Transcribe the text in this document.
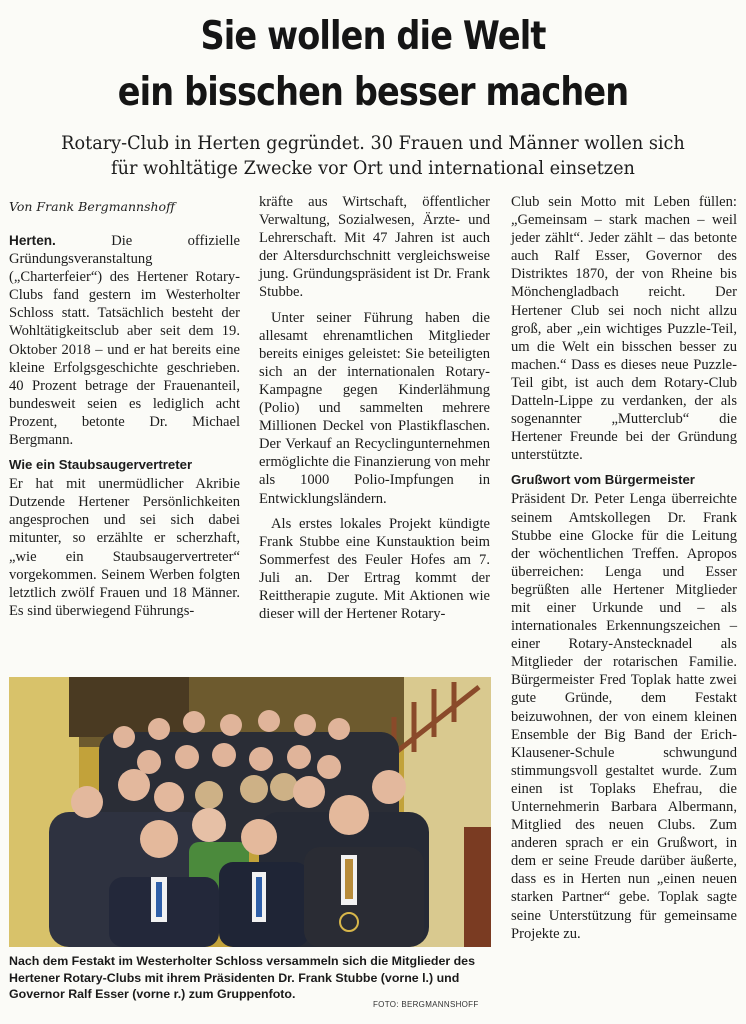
Sie wollen die Welt
ein bisschen besser machen
Rotary-Club in Herten gegründet. 30 Frauen und Männer wollen sich
für wohltätige Zwecke vor Ort und international einsetzen
Von Frank Bergmannshoff

Herten.	Die offizielle Gründungsveranstaltung („Charterfeier“) des Hertener Rotary-Clubs fand gestern im Westerholter Schloss statt. Tatsächlich besteht der Wohltätigkeitsclub aber seit dem 19. Oktober 2018 – und er hat bereits eine kleine Erfolgsgeschichte geschrieben. 40 Prozent betrage der Frauenanteil, bundesweit seien es lediglich acht Prozent, betonte Dr. Michael Bergmann.

Wie ein Staubsaugervertreter

Er hat mit unermüdlicher Akribie Dutzende Hertener Persönlichkeiten angesprochen und sei sich dabei mitunter, so erzählte er scherzhaft, „wie ein Staubsaugervertreter“ vorgekommen. Seinem Werben folgten letztlich zwölf Frauen und 18 Männer. Es sind überwiegend Führungs-

kräfte aus Wirtschaft, öffentlicher Verwaltung, Sozialwesen, Ärzte- und Lehrerschaft. Mit 47 Jahren ist auch der Altersdurchschnitt vergleichsweise jung. Gründungspräsident ist Dr. Frank Stubbe.

Unter seiner Führung haben die allesamt ehrenamtlichen Mitglieder bereits einiges geleistet: Sie beteiligten sich an der internationalen Rotary-Kampagne gegen Kinderlähmung (Polio) und sammelten mehrere Millionen Deckel von Plastikflaschen. Der Verkauf an Recyclingunternehmen ermöglichte die Finanzierung von mehr als 1000 Polio-Impfungen in Entwicklungsländern.

Als erstes lokales Projekt kündigte Frank Stubbe eine Kunstauktion beim Sommerfest des Feuler Hofes am 7. Juli an. Der Ertrag kommt der Reittherapie zugute. Mit Aktionen wie dieser will der Hertener Rotary-

Club sein Motto mit Leben füllen: „Gemeinsam – stark machen – weil jeder zählt“. Jeder zählt – das betonte auch Ralf Esser, Governor des Distriktes 1870, der von Rheine bis Mönchengladbach reicht. Der Hertener Club sei noch nicht allzu groß, aber „ein wichtiges Puzzle-Teil, um die Welt ein bisschen besser zu machen.“ Dass es dieses neue Puzzle-Teil gibt, ist auch dem Rotary-Club Datteln-Lippe zu verdanken, der als sogenannter „Mutterclub“ die Hertener Freunde bei der Gründung unterstützte.

Grußwort vom Bürgermeister

Präsident Dr. Peter Lenga überreichte seinem Amtskollegen Dr. Frank Stubbe eine Glocke für die Leitung der wöchentlichen Treffen. Apropos überreichen: Lenga und Esser begrüßten alle Hertener Mitglieder mit einer Urkunde und – als internationales Erkennungszeichen – einer Rotary-Anstecknadel als Mitglieder der rotarischen Familie. Bürgermeister Fred Toplak hatte zwei gute Gründe, dem Festakt beizuwohnen, der von einem kleinen Ensemble der Big Band der Erich-Klausener-Schule schwungund stimmungsvoll gestaltet wurde. Zum einen ist Toplaks Ehefrau, die Unternehmerin Barbara Albermann, Mitglied des neuen Clubs. Zum anderen sprach er ein Grußwort, in dem er seine Freude darüber äußerte, dass es in Herten nun „einen neuen starken Partner“ gebe. Toplak sagte seine Unterstützung für gemeinsame Projekte zu.

Nach dem Festakt im Westerholter Schloss versammeln sich die Mitglieder des Hertener Rotary-Clubs mit ihrem Präsidenten Dr. Frank Stubbe (vorne l.) und Governor Ralf Esser (vorne r.) zum Gruppenfoto.
FOTO: BERGMANNSHOFF
